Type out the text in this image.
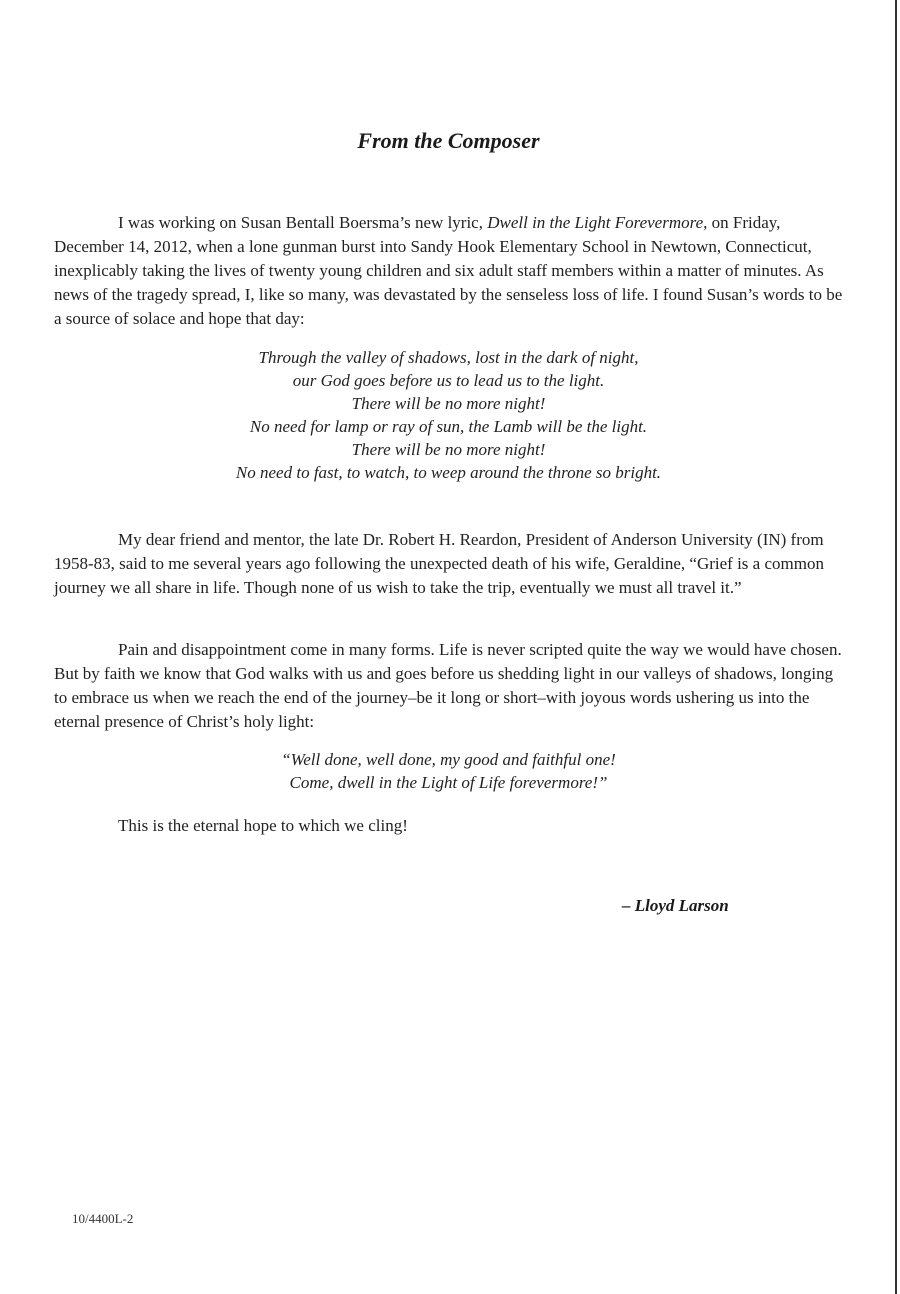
From the Composer

I was working on Susan Bentall Boersma’s new lyric, Dwell in the Light Forevermore, on Friday, December 14, 2012, when a lone gunman burst into Sandy Hook Elementary School in Newtown, Connecticut, inexplicably taking the lives of twenty young children and six adult staff members within a matter of minutes. As news of the tragedy spread, I, like so many, was devastated by the senseless loss of life. I found Susan’s words to be a source of solace and hope that day:

Through the valley of shadows, lost in the dark of night,
our God goes before us to lead us to the light.
There will be no more night!
No need for lamp or ray of sun, the Lamb will be the light.
There will be no more night!
No need to fast, to watch, to weep around the throne so bright.

My dear friend and mentor, the late Dr. Robert H. Reardon, President of Anderson University (IN) from 1958-83, said to me several years ago following the unexpected death of his wife, Geraldine, “Grief is a common journey we all share in life. Though none of us wish to take the trip, eventually we must all travel it.”

Pain and disappointment come in many forms. Life is never scripted quite the way we would have chosen. But by faith we know that God walks with us and goes before us shedding light in our valleys of shadows, longing to embrace us when we reach the end of the journey–be it long or short–with joyous words ushering us into the eternal presence of Christ’s holy light:

“Well done, well done, my good and faithful one!
Come, dwell in the Light of Life forevermore!”

This is the eternal hope to which we cling!

– Lloyd Larson
10/4400L-2
